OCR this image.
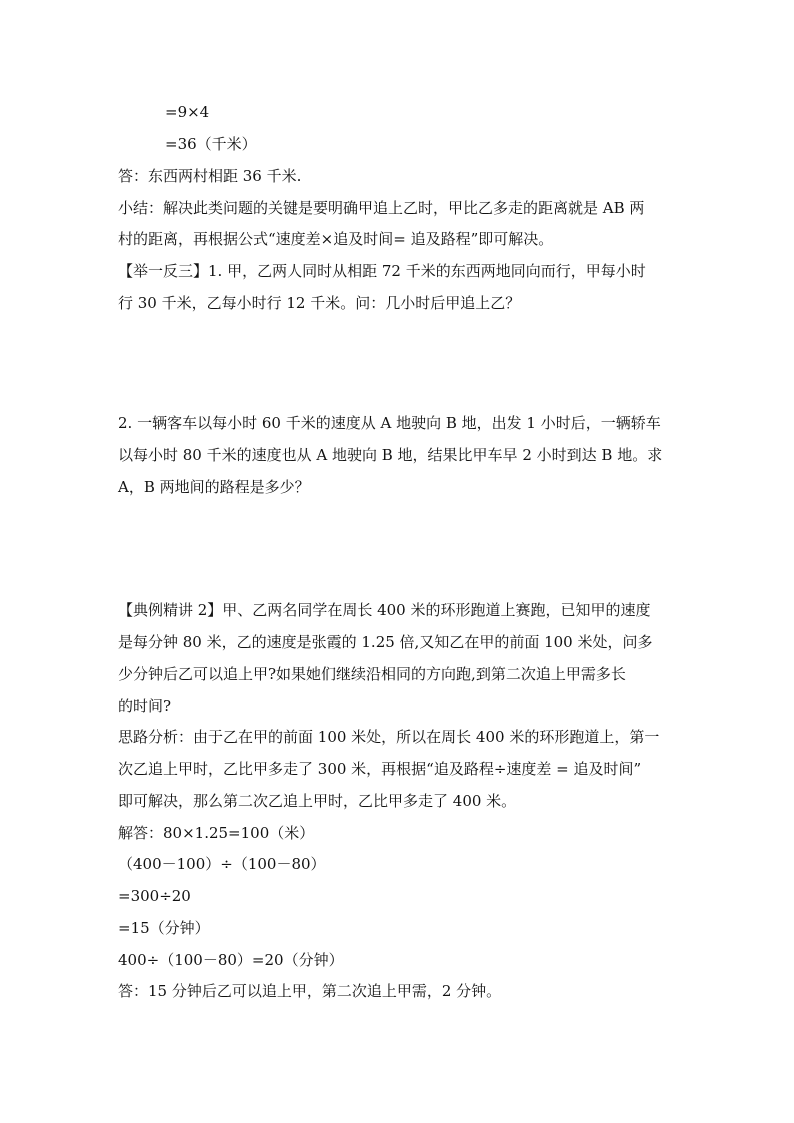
=9×4
=36（千米）
答：东西两村相距 36 千米.
小结：解决此类问题的关键是要明确甲追上乙时，甲比乙多走的距离就是 AB 两
村的距离，再根据公式“速度差×追及时间= 追及路程”即可解决。
【举一反三】1. 甲，乙两人同时从相距 72 千米的东西两地同向而行，甲每小时
行 30 千米，乙每小时行 12 千米。问：几小时后甲追上乙？
2. 一辆客车以每小时 60 千米的速度从 A 地驶向 B 地，出发 1 小时后，一辆轿车
以每小时 80 千米的速度也从 A 地驶向 B 地，结果比甲车早 2 小时到达 B 地。求
A，B 两地间的路程是多少？
【典例精讲 2】甲、乙两名同学在周长 400 米的环形跑道上赛跑，已知甲的速度
是每分钟 80 米，乙的速度是张霞的 1.25 倍,又知乙在甲的前面 100 米处，问多
少分钟后乙可以追上甲?如果她们继续沿相同的方向跑,到第二次追上甲需多长
的时间?
思路分析：由于乙在甲的前面 100 米处，所以在周长 400 米的环形跑道上，第一
次乙追上甲时，乙比甲多走了 300 米，再根据“追及路程÷速度差 = 追及时间”
即可解决，那么第二次乙追上甲时，乙比甲多走了 400 米。
解答：80×1.25=100（米）
（400－100）÷（100－80）
=300÷20
=15（分钟）
400÷（100－80）=20（分钟）
答：15 分钟后乙可以追上甲，第二次追上甲需，2 分钟。
